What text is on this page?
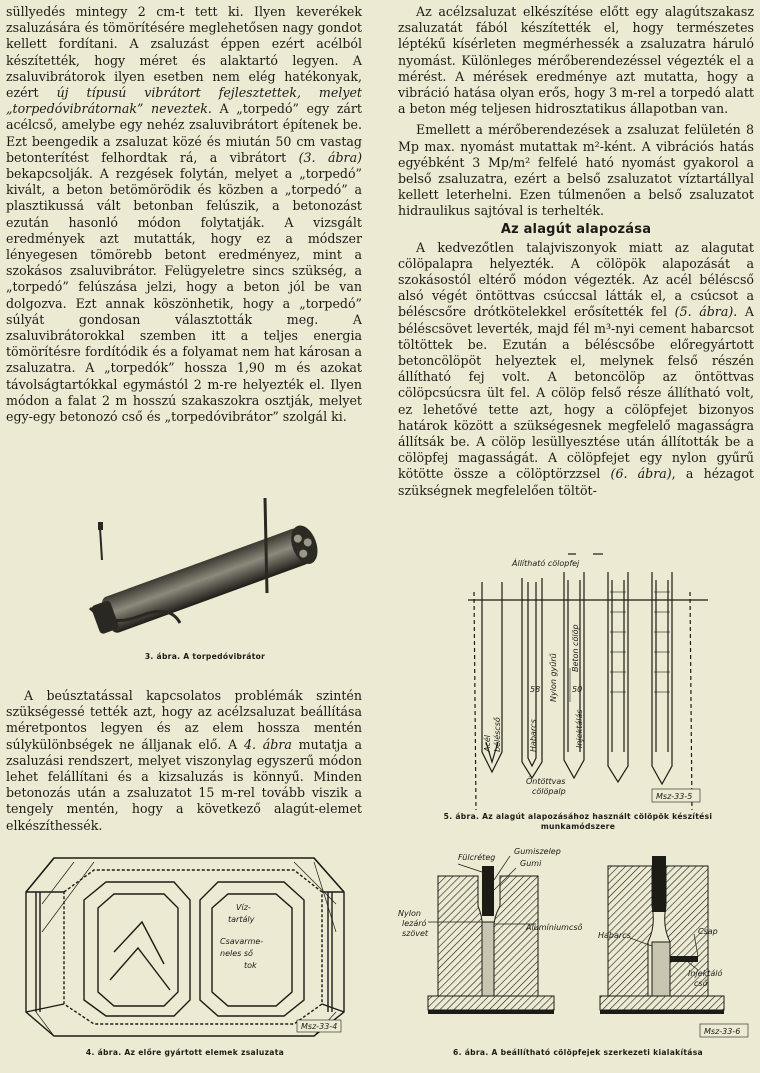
süllyedés mintegy 2 cm-t tett ki. Ilyen keverékek zsaluzására és tömörítésére meglehetősen nagy gondot kellett fordítani. A zsaluzást éppen ezért acélból készítették, hogy méret és alaktartó legyen. A zsaluvibrátorok ilyen esetben nem elég hatékonyak, ezért új típusú vibrátort fejlesztettek, melyet „torpedóvibrátornak” neveztek. A „torpedó” egy zárt acélcső, amelybe egy nehéz zsaluvibrátort építenek be. Ezt beengedik a zsaluzat közé és miután 50 cm vastag betonterítést felhordtak rá, a vibrátort (3. ábra) bekapcsolják. A rezgések folytán, melyet a „torpedó” kivált, a beton betömörödik és közben a „torpedó” a plasztikussá vált betonban felúszik, a betonozást ezután hasonló módon folytatják. A vizsgált eredmények azt mutatták, hogy ez a módszer lényegesen tömörebb betont eredményez, mint a szokásos zsaluvibrátor. Felügyeletre sincs szükség, a „torpedó” felúszása jelzi, hogy a beton jól be van dolgozva. Ezt annak köszönhetik, hogy a „torpedó” súlyát gondosan választották meg. A zsaluvibrátorokkal szemben itt a teljes energia tömörítésre fordítódik és a folyamat nem hat károsan a zsaluzatra. A „torpedók” hossza 1,90 m és azokat távolságtartókkal egymástól 2 m-re helyezték el. Ilyen módon a falat 2 m hosszú szakaszokra osztják, melyet egy-egy betonozó cső és „torpedóvibrátor” szolgál ki.

3. ábra. A torpedóvibrátor

A beúsztatással kapcsolatos problémák szintén szükségessé tették azt, hogy az acélzsaluzat beállítása méretpontos legyen és az elem hossza mentén súlykülönbségek ne álljanak elő. A 4. ábra mutatja a zsaluzási rendszert, melyet viszonylag egyszerű módon lehet felállítani és a kizsaluzás is könnyű. Minden betonozás után a zsaluzatot 15 m-rel tovább viszik a tengely mentén, hogy a következő alagút-elemet elkészíthessék.

Víz-
tartály
Csavarme-
neles ső
tok
Msz-33-4
4. ábra. Az előre gyártott elemek zsaluzata

Az acélzsaluzat elkészítése előtt egy alagútszakasz zsaluzatát fából készítették el, hogy természetes léptékű kísérleten megmérhessék a zsaluzatra háruló nyomást. Különleges mérőberendezéssel végezték el a mérést. A mérések eredménye azt mutatta, hogy a vibráció hatása olyan erős, hogy 3 m-rel a torpedó alatt a beton még teljesen hidrosztatikus állapotban van.

Emellett a mérőberendezések a zsaluzat felületén 8 Mp max. nyomást mutattak m²-ként. A vibrációs hatás egyébként 3 Mp/m² felfelé ható nyomást gyakorol a belső zsaluzatra, ezért a belső zsaluzatot víztartállyal kellett leterhelni. Ezen túlmenően a belső zsaluzatot hidraulikus sajtóval is terhelték.

Az alagút alapozása

A kedvezőtlen talajviszonyok miatt az alagutat cölöpalapra helyezték. A cölöpök alapozását a szokásostól eltérő módon végezték. Az acél béléscső alsó végét öntöttvas csúccsal látták el, a csúcsot a béléscsőre drótkötelekkel erősítették fel (5. ábra). A béléscsövet leverték, majd fél m³-nyi cement habarcsot töltöttek be. Ezután a béléscsőbe előregyártott betoncölöpöt helyeztek el, melynek felső részén állítható fej volt. A betoncölöp az öntöttvas cölöpcsúcsra ült fel. A cölöp felső része állítható volt, ez lehetővé tette azt, hogy a cölöpfejet bizonyos határok között a szükségesnek megfelelő magasságra állítsák be. A cölöp lesüllyesztése után állították be a cölöpfej magasságát. A cölöpfejet egy nylon gyűrű kötötte össze a cölöptörzzsel (6. ábra), a hézagot szükségnek megfelelően töltöt-

Állítható cölopfej
Nylon gyűrű
Beton cölöp
Acél béléscső	Habarcs	Injektálás
Öntöttvas
cölöpalp
58	50
Msz-33-5
5. ábra. Az alagút alapozásához használt cölöpök készítési
munkamódszere
Fülcréteg
Gumiszelep
Gumi
Nylon
lezáró
szövet
Alumíniumcső
Habarcs	Csap
Injektáló
cső
Msz-33-6
6. ábra. A beállítható cölöpfejek szerkezeti kialakítása
